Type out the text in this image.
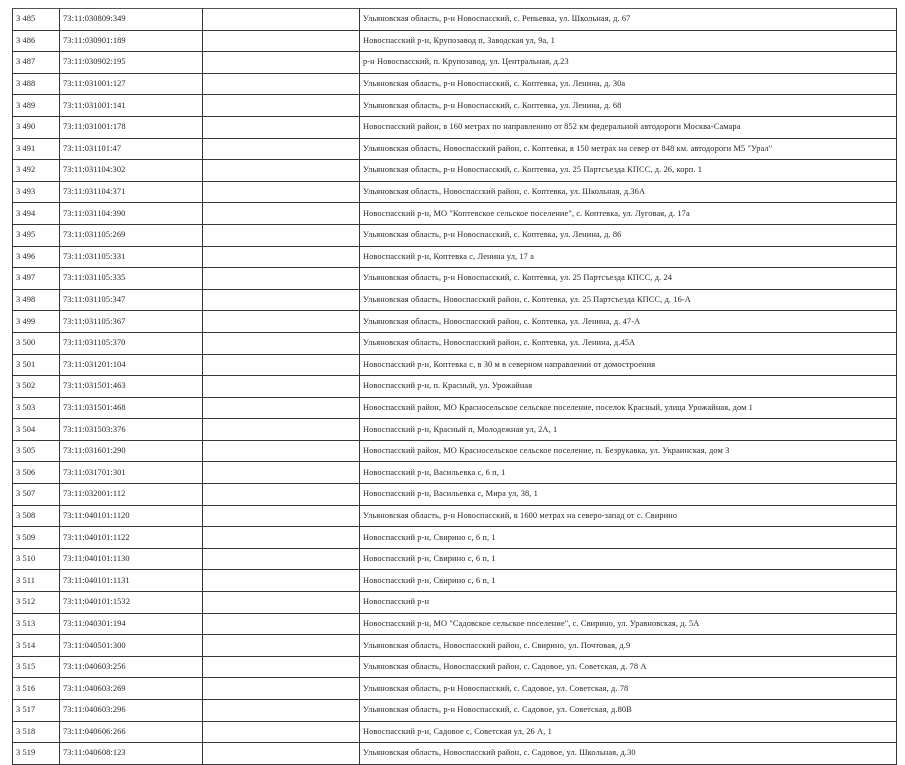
3 485	73:11:030809:349		Ульяновская область, р-н Новоспасский, с. Репьевка, ул. Школьная, д. 67
3 486	73:11:030901:189		Новоспасский р-н, Крупозавод п, Заводская ул, 9а, 1
3 487	73:11:030902:195		р-н Новоспасский, п. Крупозавод, ул. Центральная, д.23
3 488	73:11:031001:127		Ульяновская область, р-н Новоспасский, с. Коптевка, ул. Ленина, д. 30а
3 489	73:11:031001:141		Ульяновская область, р-н Новоспасский, с. Коптевка, ул. Ленина, д. 68
3 490	73:11:031001:178		Новоспасский район, в 160 метрах по направлению от 852 км федеральной автодороги Москва-Самара
3 491	73:11:031101:47		Ульяновская область, Новоспасский район, с. Коптевка, в 150 метрах на север от 848 км. автодороги М5 "Урал"
3 492	73:11:031104:302		Ульяновская область, р-н Новоспасский, с. Коптевка, ул. 25 Партсъезда КПСС, д. 26, корп. 1
3 493	73:11:031104:371		Ульяновская область, Новоспасский район, с. Коптевка, ул. Школьная, д.36А
3 494	73:11:031104:390		Новоспасский р-н, МО "Коптевское сельское поселение", с. Коптевка, ул. Луговая, д. 17а
3 495	73:11:031105:269		Ульяновская область, р-н Новоспасский, с. Коптевка, ул. Ленина, д. 86
3 496	73:11:031105:331		Новоспасский р-н, Коптевка с, Ленина ул, 17 а
3 497	73:11:031105:335		Ульяновская область, р-н Новоспасский, с. Коптевка, ул. 25 Партсъезда КПСС, д. 24
3 498	73:11:031105:347		Ульяновская область, Новоспасский район, с. Коптевка, ул. 25 Партсъезда КПСС, д. 16-А
3 499	73:11:031105:367		Ульяновская область, Новоспасский район, с. Коптевка, ул. Ленина, д. 47-А
3 500	73:11:031105:370		Ульяновская область, Новоспасский район, с. Коптевка, ул. Ленина, д.45А
3 501	73:11:031201:104		Новоспасский р-н, Коптевка с, в 30 м в северном направлении от домостроения
3 502	73:11:031501:463		Новоспасский р-н, п. Красный, ул. Урожайная
3 503	73:11:031501:468		Новоспасский район, МО Красносельское сельское поселение, поселок Красный, улица Урожайная, дом 1
3 504	73:11:031503:376		Новоспасский р-н, Красный п, Молодежная ул, 2А, 1
3 505	73:11:031601:290		Новоспасский район, МО Красносельское сельское поселение, п. Безрукавка, ул. Украинская, дом 3
3 506	73:11:031701:301		Новоспасский р-н, Васильевка с, 6 п, 1
3 507	73:11:032001:112		Новоспасский р-н, Васильевка с, Мира ул, 38, 1
3 508	73:11:040101:1120		Ульяновская область, р-н Новоспасский, в 1600 метрах на северо-запад от с. Свирино
3 509	73:11:040101:1122		Новоспасский р-н, Свирино с, 6 п, 1
3 510	73:11:040101:1130		Новоспасский р-н, Свирино с, 6 п, 1
3 511	73:11:040101:1131		Новоспасский р-н, Свирино с, 6 п, 1
3 512	73:11:040101:1532		Новоспасский р-н
3 513	73:11:040301:194		Новоспасский р-н, МО "Садовское сельское поселение", с. Свирино, ул. Уравновская, д. 5А
3 514	73:11:040501:300		Ульяновская область, Новоспасский район, с. Свирино, ул. Почтовая, д.9
3 515	73:11:040603:256		Ульяновская область, Новоспасский район, с. Садовое, ул. Советская, д. 78 А
3 516	73:11:040603:269		Ульяновская область, р-н Новоспасский, с. Садовое, ул. Советская, д. 78
3 517	73:11:040603:296		Ульяновская область, р-н Новоспасский, с. Садовое, ул. Советская, д.80В
3 518	73:11:040606:266		Новоспасский р-н, Садовое с, Советская ул, 26 А, 1
3 519	73:11:040608:123		Ульяновская область, Новоспасский район, с. Садовое, ул. Школьная, д.30
